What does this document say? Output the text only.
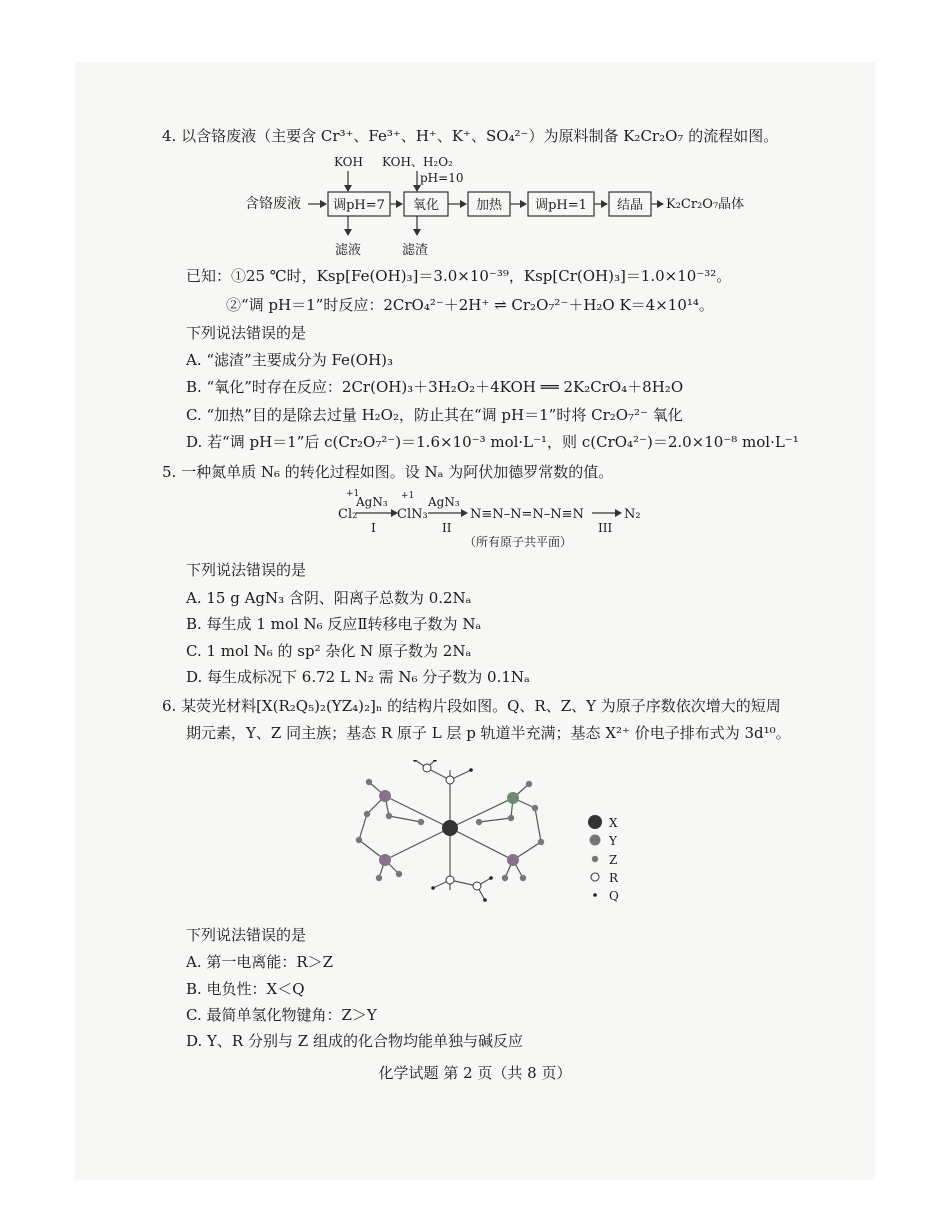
4. 以含铬废液（主要含 Cr³⁺、Fe³⁺、H⁺、K⁺、SO₄²⁻）为原料制备 K₂Cr₂O₇ 的流程如图。
含铬废液 调pH=7 氧化	加热	调pH=1 结晶 K₂Cr₂O₇晶体
KOH KOH、H₂O₂
pH=10
滤液	滤渣
已知：①25 ℃时，Ksp[Fe(OH)₃]＝3.0×10⁻³⁹，Ksp[Cr(OH)₃]＝1.0×10⁻³²。
②“调 pH＝1”时反应：2CrO₄²⁻＋2H⁺ ⇌ Cr₂O₇²⁻＋H₂O K＝4×10¹⁴。
下列说法错误的是
A. “滤渣”主要成分为 Fe(OH)₃
B. “氧化”时存在反应：2Cr(OH)₃＋3H₂O₂＋4KOH ══ 2K₂CrO₄＋8H₂O
C. “加热”目的是除去过量 H₂O₂，防止其在“调 pH＝1”时将 Cr₂O₇²⁻ 氧化
D. 若“调 pH＝1”后 c(Cr₂O₇²⁻)＝1.6×10⁻³ mol·L⁻¹，则 c(CrO₄²⁻)＝2.0×10⁻⁸ mol·L⁻¹
5. 一种氮单质 N₆ 的转化过程如图。设 Nₐ 为阿伏加德罗常数的值。
+1
Cl₂
AgN₃
I
+1
ClN₃
AgN₃
II
N≡N–N=N–N≡N
III
N₂
（所有原子共平面）
下列说法错误的是
A. 15 g AgN₃ 含阴、阳离子总数为 0.2Nₐ
B. 每生成 1 mol N₆ 反应Ⅱ转移电子数为 Nₐ
C. 1 mol N₆ 的 sp² 杂化 N 原子数为 2Nₐ
D. 每生成标况下 6.72 L N₂ 需 N₆ 分子数为 0.1Nₐ
6. 某荧光材料[X(R₂Q₅)₂(YZ₄)₂]ₙ 的结构片段如图。Q、R、Z、Y 为原子序数依次增大的短周
期元素，Y、Z 同主族；基态 R 原子 L 层 p 轨道半充满；基态 X²⁺ 价电子排布式为 3d¹⁰。
X
Y
Z
R
Q
下列说法错误的是
A. 第一电离能：R＞Z
B. 电负性：X＜Q
C. 最简单氢化物键角：Z＞Y
D. Y、R 分别与 Z 组成的化合物均能单独与碱反应
化学试题 第 2 页（共 8 页）
